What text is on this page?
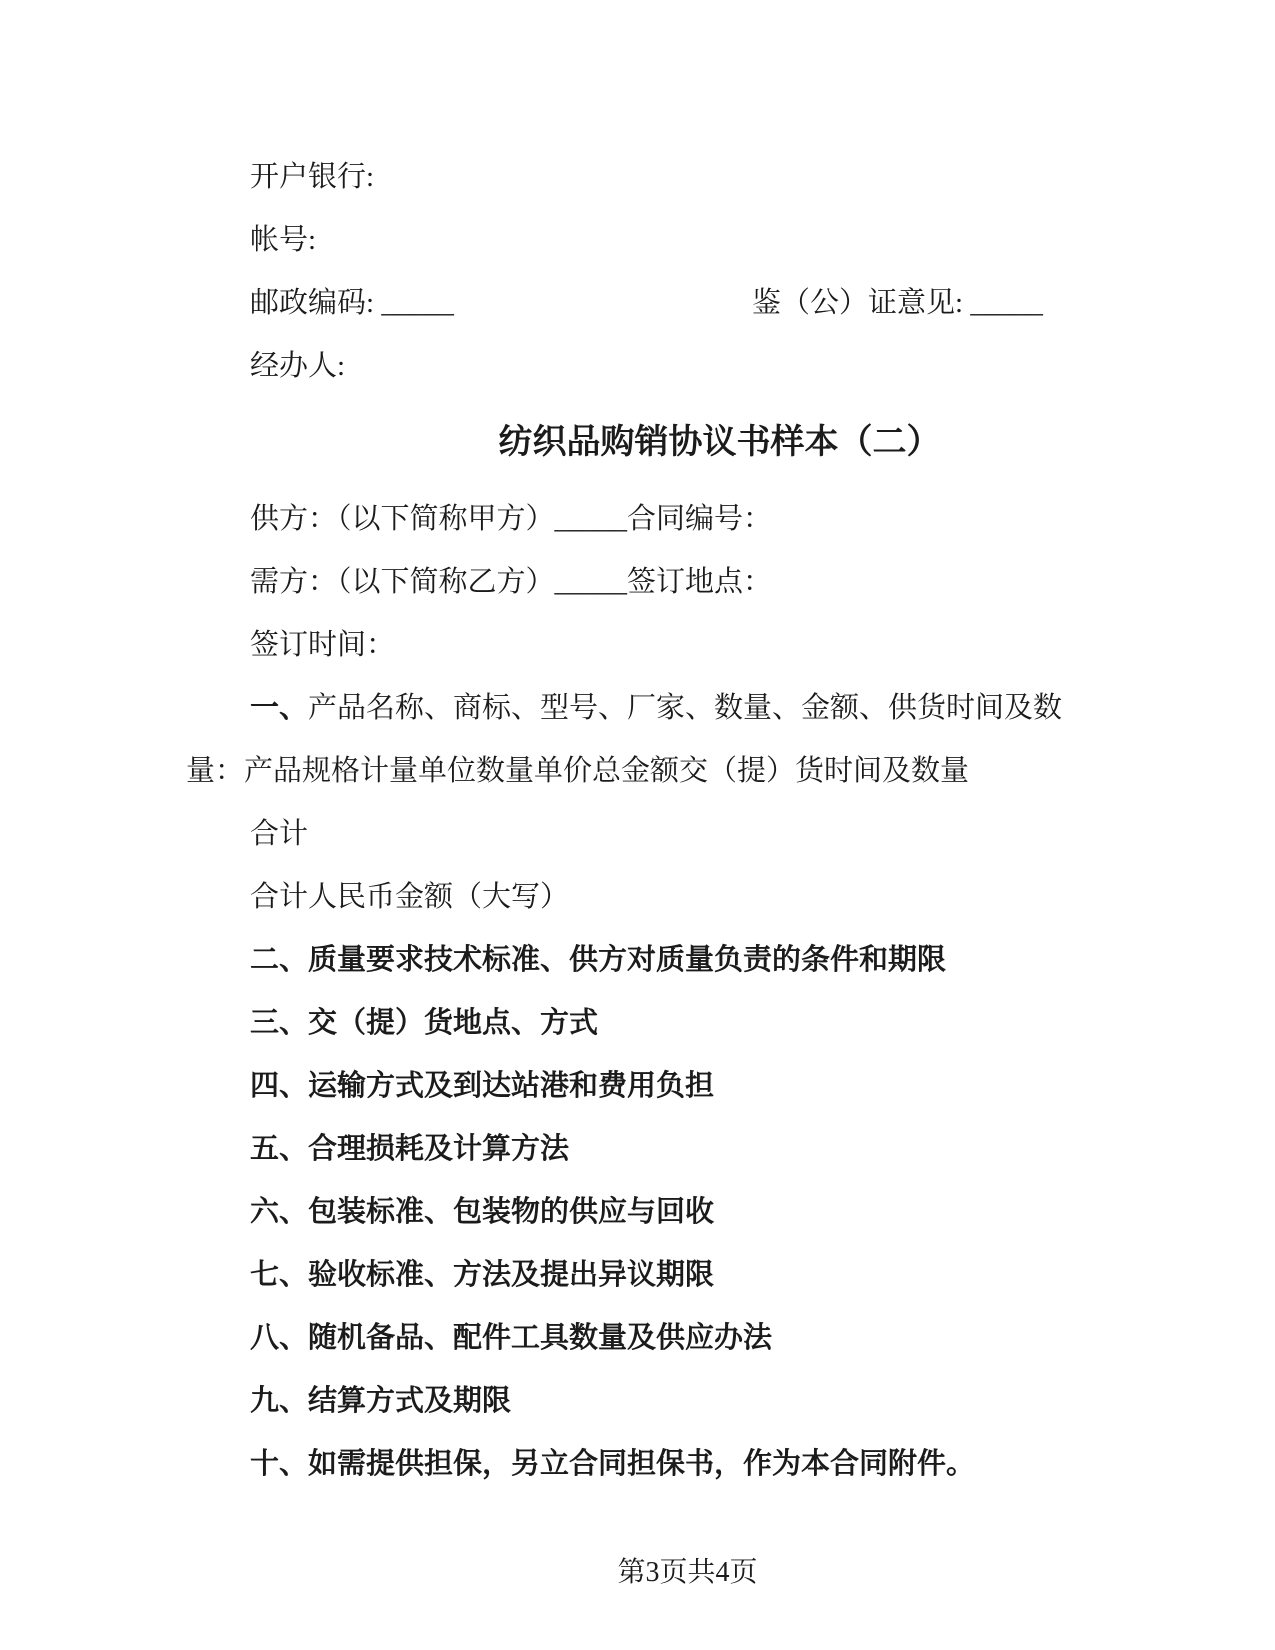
开户银行:

帐号:

邮政编码: _____	鉴（公）证意见: _____

经办人:

纺织品购销协议书样本（二）

供方：（以下简称甲方）_____合同编号：

需方：（以下简称乙方）_____签订地点：

签订时间：

一、产品名称、商标、型号、厂家、数量、金额、供货时间及数

量：产品规格计量单位数量单价总金额交（提）货时间及数量

合计

合计人民币金额（大写）

二、质量要求技术标准、供方对质量负责的条件和期限

三、交（提）货地点、方式

四、运输方式及到达站港和费用负担

五、合理损耗及计算方法

六、包装标准、包装物的供应与回收

七、验收标准、方法及提出异议期限

八、随机备品、配件工具数量及供应办法

九、结算方式及期限

十、如需提供担保，另立合同担保书，作为本合同附件。

第3页共4页
